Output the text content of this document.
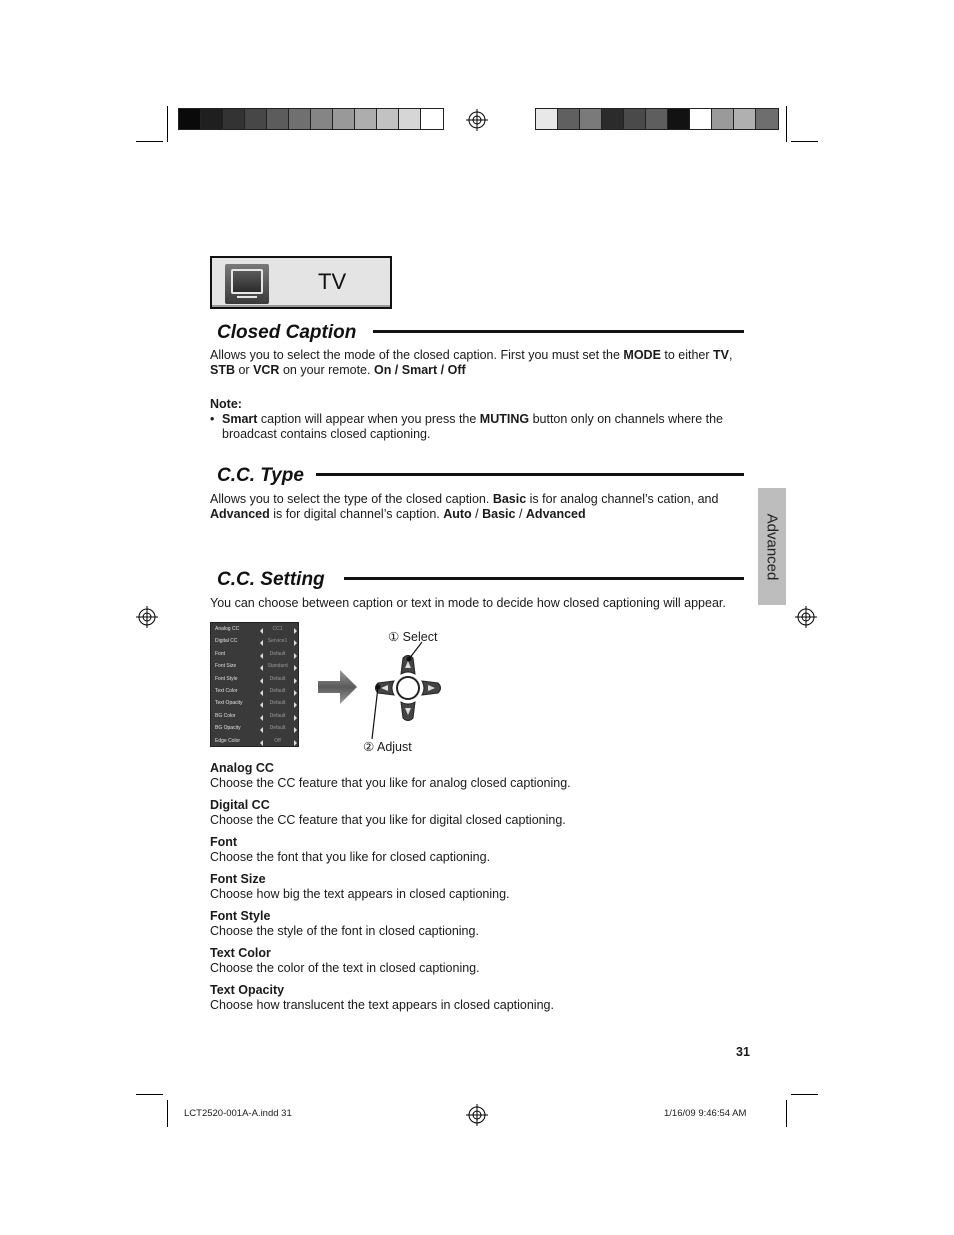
TV
Closed Caption
Allows you to select the mode of the closed caption. First you must set the MODE to either TV,
STB or VCR on your remote. On / Smart / Off
Note:
• Smart caption will appear when you press the MUTING button only on channels where the
broadcast contains closed captioning.
C.C. Type
Allows you to select the type of the closed caption. Basic is for analog channel’s cation, and
Advanced is for digital channel’s caption. Auto / Basic / Advanced	Advanced
C.C. Setting
You can choose between caption or text in mode to decide how closed captioning will appear.
Analog CC	CC1
Digital CC	Service1
Font	Default
Font Size	Standard
Font Style	Default
Text Color	Default
Text Opacity	Default
BG Color	Default
BG Opacity	Default
Edge Color	Off
① Select
② Adjust
Analog CC
Choose the CC feature that you like for analog closed captioning.
Digital CC
Choose the CC feature that you like for digital closed captioning.
Font
Choose the font that you like for closed captioning.
Font Size
Choose how big the text appears in closed captioning.
Font Style
Choose the style of the font in closed captioning.
Text Color
Choose the color of the text in closed captioning.
Text Opacity
Choose how translucent the text appears in closed captioning.
31
LCT2520-001A-A.indd 31	1/16/09 9:46:54 AM
